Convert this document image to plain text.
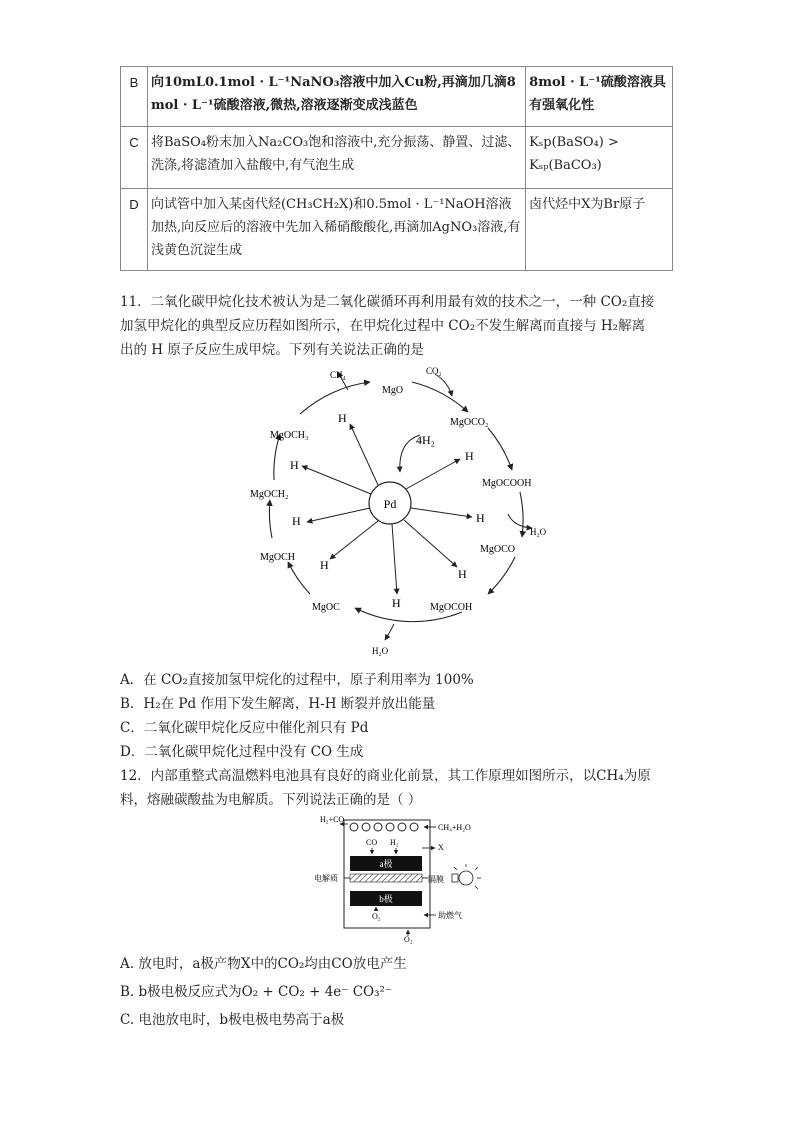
B	向10mL0.1mol · L⁻¹NaNO₃溶液中加入Cu粉,再滴加几滴8 mol · L⁻¹硫酸溶液,微热,溶液逐渐变成浅蓝色	8mol · L⁻¹硫酸溶液具有强氧化性
C	将BaSO₄粉末加入Na₂CO₃饱和溶液中,充分振荡、静置、过滤、洗涤,将滤渣加入盐酸中,有气泡生成	Kₛp(BaSO₄) > Kₛₚ(BaCO₃)
D	向试管中加入某卤代烃(CH₃CH₂X)和0.5mol · L⁻¹NaOH溶液加热,向反应后的溶液中先加入稀硝酸酸化,再滴加AgNO₃溶液,有浅黄色沉淀生成	卤代烃中X为Br原子
11．二氧化碳甲烷化技术被认为是二氧化碳循环再利用最有效的技术之一，一种 CO₂直接
加氢甲烷化的典型反应历程如图所示，在甲烷化过程中 CO₂不发生解离而直接与 H₂解离
出的 H 原子反应生成甲烷。下列有关说法正确的是
Pd
H
H
H
H
H
H
H
H
4H₂
MgO
MgOCO₂
MgOCOOH
MgOCO
MgOCOH
MgOC
MgOCH
MgOCH₂
MgOCH₃
CH₄	CO₂
H₂O
H₂O
A．在 CO₂直接加氢甲烷化的过程中，原子利用率为 100%
B．H₂在 Pd 作用下发生解离，H-H 断裂并放出能量
C．二氧化碳甲烷化反应中催化剂只有 Pd
D．二氧化碳甲烷化过程中没有 CO 生成
12．内部重整式高温燃料电池具有良好的商业化前景，其工作原理如图所示，以CH₄为原
料，熔融碳酸盐为电解质。下列说法正确的是（ ）
a极
b极
H₂+CO
CH₄+H₂O
CO H₂
X
电解质	隔膜
O₂	助燃气
O₂
A. 放电时，a极产物X中的CO₂均由CO放电产生
B. b极电极反应式为O₂ + CO₂ + 4e⁻ CO₃²⁻
C. 电池放电时，b极电极电势高于a极
